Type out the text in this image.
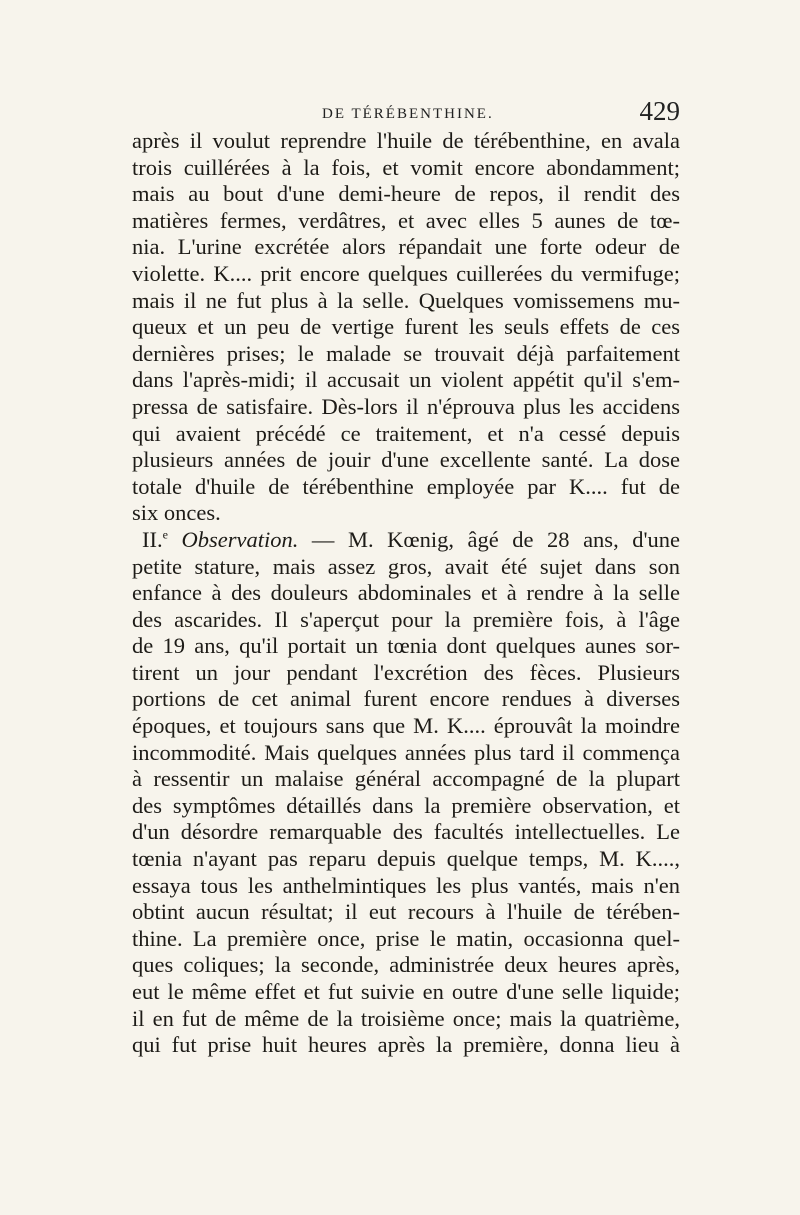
DE TÉRÉBENTHINE.	429
après il voulut reprendre l'huile de térébenthine, en avala
trois cuillérées à la fois, et vomit encore abondamment;
mais au bout d'une demi-heure de repos, il rendit des
matières fermes, verdâtres, et avec elles 5 aunes de tœ-
nia. L'urine excrétée alors répandait une forte odeur de
violette. K.... prit encore quelques cuillerées du vermifuge;
mais il ne fut plus à la selle. Quelques vomissemens mu-
queux et un peu de vertige furent les seuls effets de ces
dernières prises; le malade se trouvait déjà parfaitement
dans l'après-midi; il accusait un violent appétit qu'il s'em-
pressa de satisfaire. Dès-lors il n'éprouva plus les accidens
qui avaient précédé ce traitement, et n'a cessé depuis
plusieurs années de jouir d'une excellente santé. La dose
totale d'huile de térébenthine employée par K.... fut de
six onces.
II.$^e$ Observation. — M. Kœnig, âgé de 28 ans, d'une
petite stature, mais assez gros, avait été sujet dans son
enfance à des douleurs abdominales et à rendre à la selle
des ascarides. Il s'aperçut pour la première fois, à l'âge
de 19 ans, qu'il portait un tœnia dont quelques aunes sor-
tirent un jour pendant l'excrétion des fèces. Plusieurs
portions de cet animal furent encore rendues à diverses
époques, et toujours sans que M. K.... éprouvât la moindre
incommodité. Mais quelques années plus tard il commença
à ressentir un malaise général accompagné de la plupart
des symptômes détaillés dans la première observation, et
d'un désordre remarquable des facultés intellectuelles. Le
tœnia n'ayant pas reparu depuis quelque temps, M. K....,
essaya tous les anthelmintiques les plus vantés, mais n'en
obtint aucun résultat; il eut recours à l'huile de térében-
thine. La première once, prise le matin, occasionna quel-
ques coliques; la seconde, administrée deux heures après,
eut le même effet et fut suivie en outre d'une selle liquide;
il en fut de même de la troisième once; mais la quatrième,
qui fut prise huit heures après la première, donna lieu à
